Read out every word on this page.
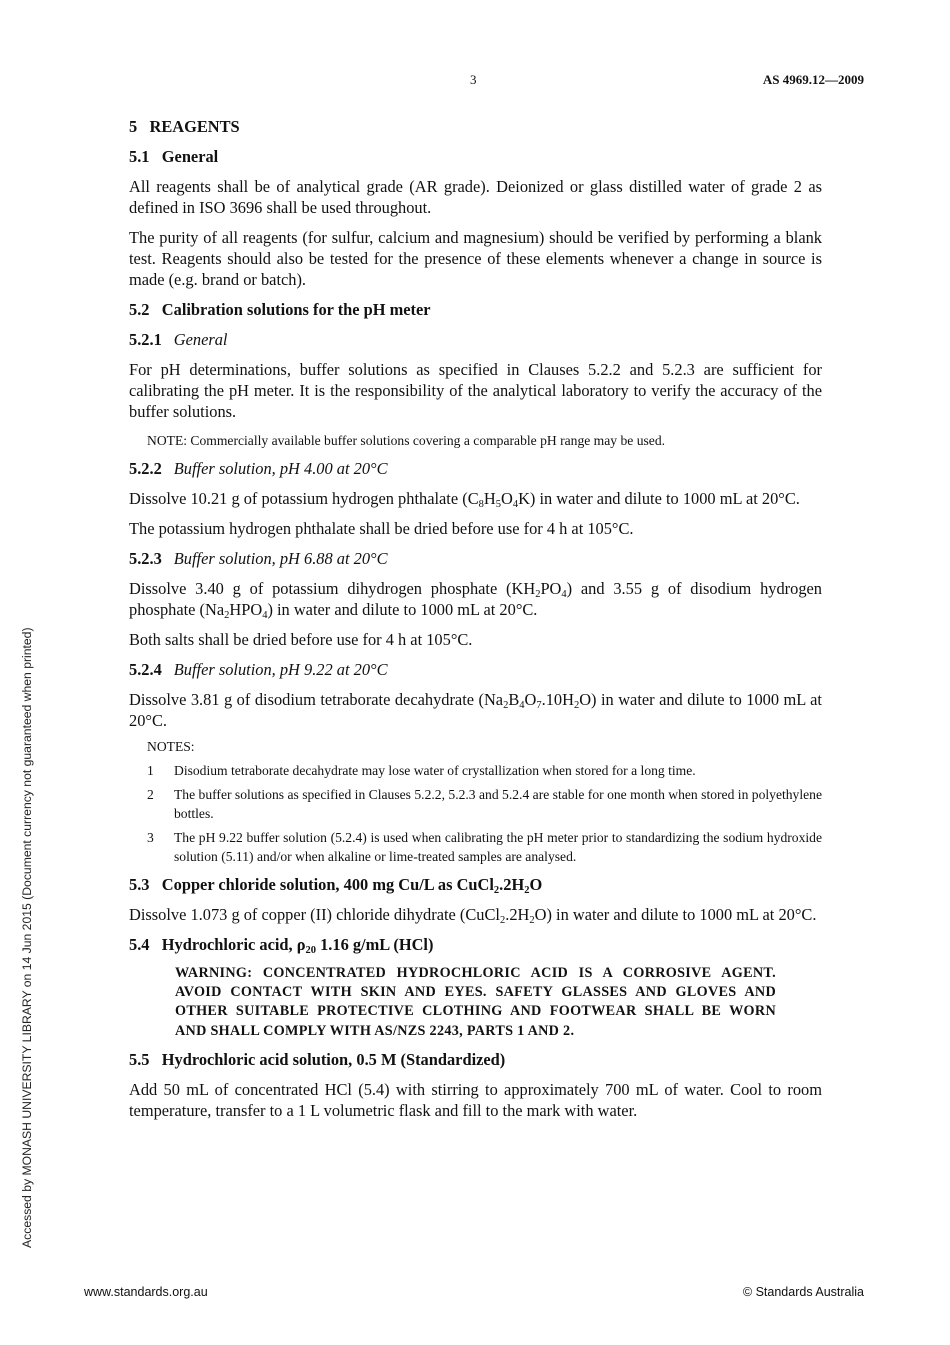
3	AS 4969.12—2009
5 REAGENTS
5.1 General

All reagents shall be of analytical grade (AR grade). Deionized or glass distilled water of grade 2 as defined in ISO 3696 shall be used throughout.

The purity of all reagents (for sulfur, calcium and magnesium) should be verified by performing a blank test. Reagents should also be tested for the presence of these elements whenever a change in source is made (e.g. brand or batch).

5.2 Calibration solutions for the pH meter
5.2.1 General

For pH determinations, buffer solutions as specified in Clauses 5.2.2 and 5.2.3 are sufficient for calibrating the pH meter. It is the responsibility of the analytical laboratory to verify the accuracy of the buffer solutions.

NOTE: Commercially available buffer solutions covering a comparable pH range may be used.
5.2.2 Buffer solution, pH 4.00 at 20°C

Dissolve 10.21 g of potassium hydrogen phthalate $(C_8H_5O_4K)$ in water and dilute to 1000 mL at 20°C.

The potassium hydrogen phthalate shall be dried before use for 4 h at 105°C.

5.2.3 Buffer solution, pH 6.88 at 20°C

Dissolve 3.40 g of potassium dihydrogen phosphate $(KH_2PO_4)$ and 3.55 g of disodium hydrogen phosphate $(Na_2HPO_4)$ in water and dilute to 1000 mL at 20°C.

Both salts shall be dried before use for 4 h at 105°C.

5.2.4 Buffer solution, pH 9.22 at 20°C

Dissolve 3.81 g of disodium tetraborate decahydrate $(Na_2B_4O_7.10H_2O)$ in water and dilute to 1000 mL at 20°C.

NOTES:
1	Disodium tetraborate decahydrate may lose water of crystallization when stored for a long time.
2	The buffer solutions as specified in Clauses 5.2.2, 5.2.3 and 5.2.4 are stable for one month when stored in polyethylene bottles.
3	The pH 9.22 buffer solution (5.2.4) is used when calibrating the pH meter prior to standardizing the sodium hydroxide solution (5.11) and/or when alkaline or lime-treated samples are analysed.
5.3 Copper chloride solution, 400 mg Cu/L as $CuCl_2.2H_2O$

Dissolve 1.073 g of copper (II) chloride dihydrate $(CuCl_2.2H_2O)$ in water and dilute to 1000 mL at 20°C.

5.4 Hydrochloric acid, $\rho_{20}$ 1.16 g/mL (HCl)
WARNING: CONCENTRATED HYDROCHLORIC ACID IS A CORROSIVE AGENT. AVOID CONTACT WITH SKIN AND EYES. SAFETY GLASSES AND GLOVES AND OTHER SUITABLE PROTECTIVE CLOTHING AND FOOTWEAR SHALL BE WORN AND SHALL COMPLY WITH AS/NZS 2243, PARTS 1 AND 2.
5.5 Hydrochloric acid solution, 0.5 M (Standardized)

Add 50 mL of concentrated HCl (5.4) with stirring to approximately 700 mL of water. Cool to room temperature, transfer to a 1 L volumetric flask and fill to the mark with water.

Accessed by MONASH UNIVERSITY LIBRARY on 14 Jun 2015 (Document currency not guaranteed when printed)
www.standards.org.au	© Standards Australia
